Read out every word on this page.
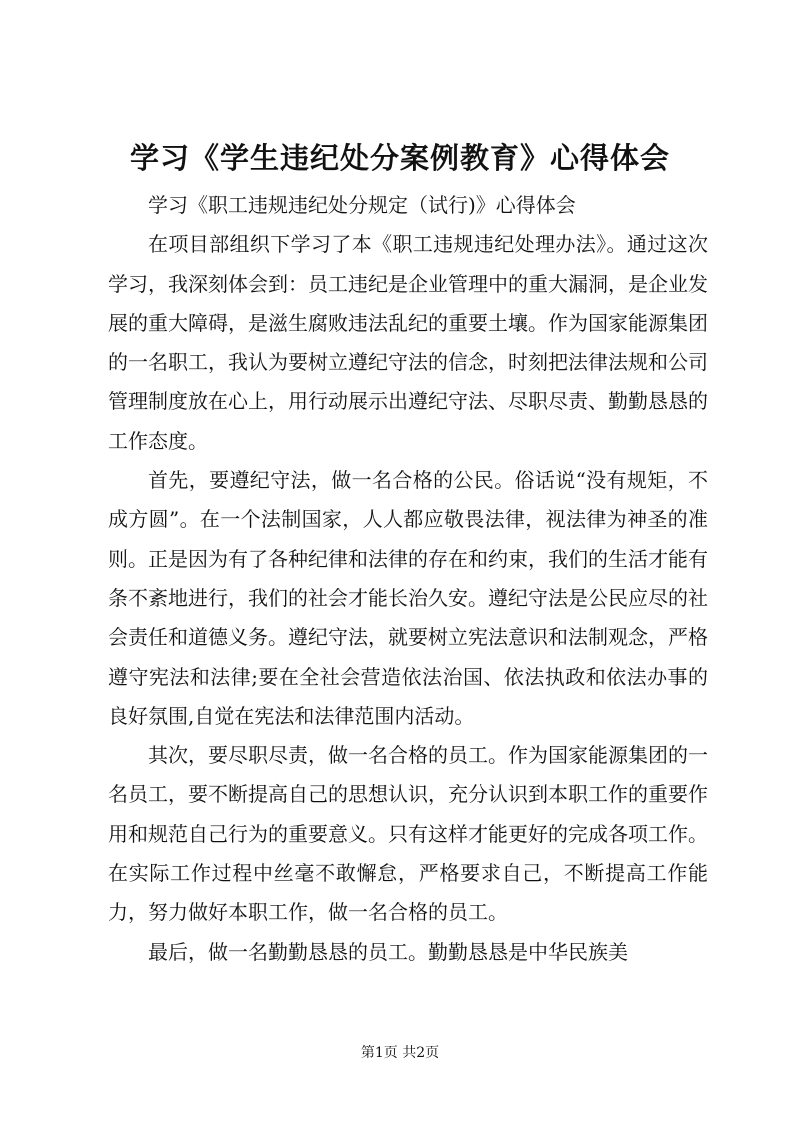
学习《学生违纪处分案例教育》心得体会

学习《职工违规违纪处分规定（试行)》心得体会

在项目部组织下学习了本《职工违规违纪处理办法》。通过这次学习，我深刻体会到：员工违纪是企业管理中的重大漏洞，是企业发展的重大障碍，是滋生腐败违法乱纪的重要土壤。作为国家能源集团的一名职工，我认为要树立遵纪守法的信念，时刻把法律法规和公司管理制度放在心上，用行动展示出遵纪守法、尽职尽责、勤勤恳恳的工作态度。

首先，要遵纪守法，做一名合格的公民。俗话说“没有规矩，不成方圆”。在一个法制国家，人人都应敬畏法律，视法律为神圣的准则。正是因为有了各种纪律和法律的存在和约束，我们的生活才能有条不紊地进行，我们的社会才能长治久安。遵纪守法是公民应尽的社会责任和道德义务。遵纪守法，就要树立宪法意识和法制观念，严格遵守宪法和法律;要在全社会营造依法治国、依法执政和依法办事的良好氛围,自觉在宪法和法律范围内活动。

其次，要尽职尽责，做一名合格的员工。作为国家能源集团的一名员工，要不断提高自己的思想认识，充分认识到本职工作的重要作用和规范自己行为的重要意义。只有这样才能更好的完成各项工作。在实际工作过程中丝毫不敢懈怠，严格要求自己，不断提高工作能力，努力做好本职工作，做一名合格的员工。

最后，做一名勤勤恳恳的员工。勤勤恳恳是中华民族美

第1页 共2页
